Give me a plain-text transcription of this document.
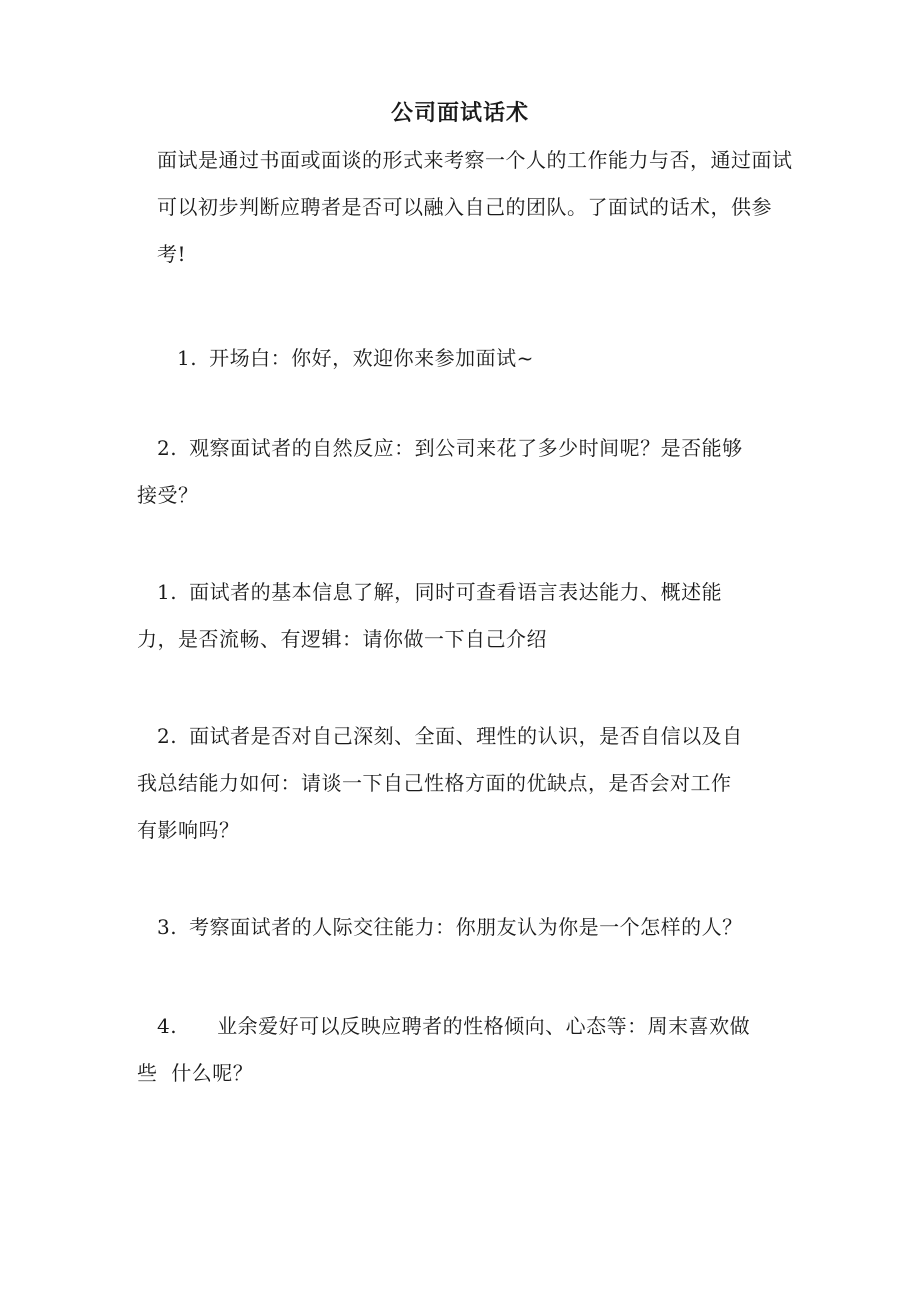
公司面试话术

面试是通过书面或面谈的形式来考察一个人的工作能力与否，通过面试可以初步判断应聘者是否可以融入自己的团队。了面试的话术，供参考!

1. 开场白：你好，欢迎你来参加面试~
2. 观察面试者的自然反应：到公司来花了多少时间呢？是否能够
接受？
1. 面试者的基本信息了解，同时可查看语言表达能力、概述能
力，是否流畅、有逻辑：请你做一下自己介绍
2. 面试者是否对自己深刻、全面、理性的认识，是否自信以及自
我总结能力如何：请谈一下自己性格方面的优缺点，是否会对工作
有影响吗？
3. 考察面试者的人际交往能力：你朋友认为你是一个怎样的人？
4. 业余爱好可以反映应聘者的性格倾向、心态等：周末喜欢做
些  什么呢？
